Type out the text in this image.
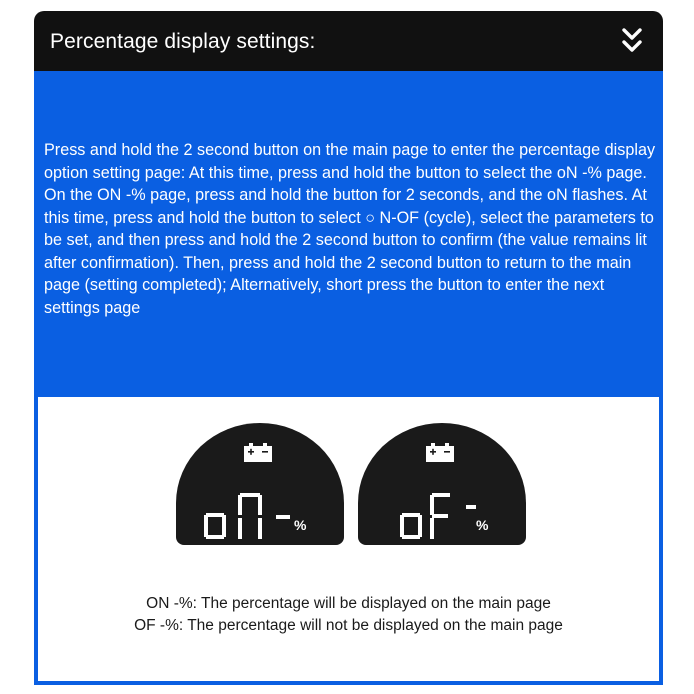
Percentage display settings:

Press and hold the 2 second button on the main page to enter the percentage display option setting page: At this time, press and hold the button to select the oN -% page. On the ON -% page, press and hold the button for 2 seconds, and the oN flashes. At this time, press and hold the button to select ○ N-OF (cycle), select the parameters to be set, and then press and hold the 2 second button to confirm (the value remains lit after confirmation). Then, press and hold the 2 second button to return to the main page (setting completed); Alternatively, short press the button to enter the next settings page

%	%
ON -%: The percentage will be displayed on the main page
OF -%: The percentage will not be displayed on the main page
